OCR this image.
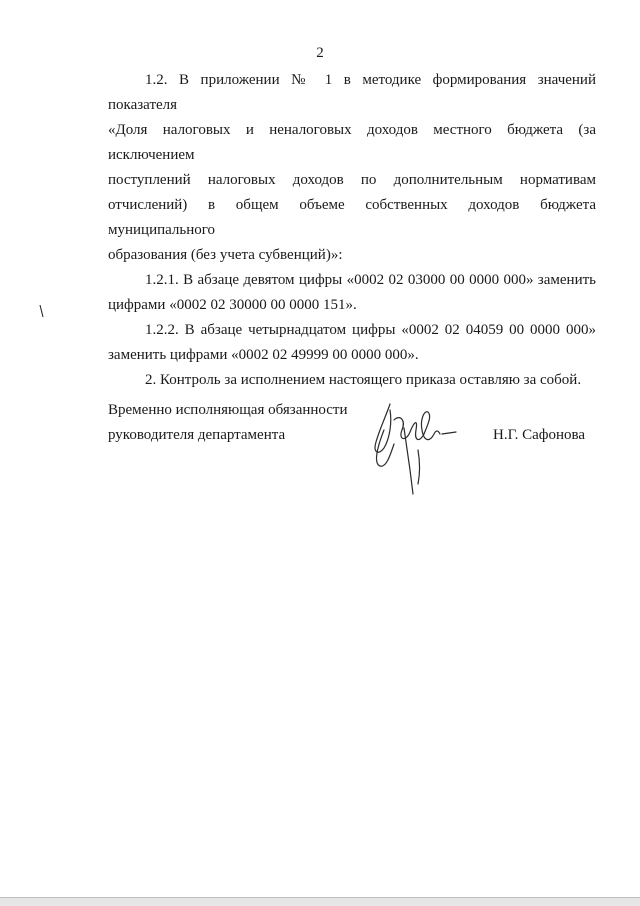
2

1.2. В приложении № 1 в методике формирования значений показателя

«Доля налоговых и неналоговых доходов местного бюджета (за исключением

поступлений налоговых доходов по дополнительным нормативам

отчислений) в общем объеме собственных доходов бюджета муниципального

образования (без учета субвенций)»:

1.2.1. В абзаце девятом цифры «0002 02 03000 00 0000 000» заменить

цифрами «0002 02 30000 00 0000 151».

1.2.2. В абзаце четырнадцатом цифры «0002 02 04059 00 0000 000»

заменить цифрами «0002 02 49999 00 0000 000».

2. Контроль за исполнением настоящего приказа оставляю за собой.

Временно исполняющая обязанности
руководителя департамента	Н.Г. Сафонова
